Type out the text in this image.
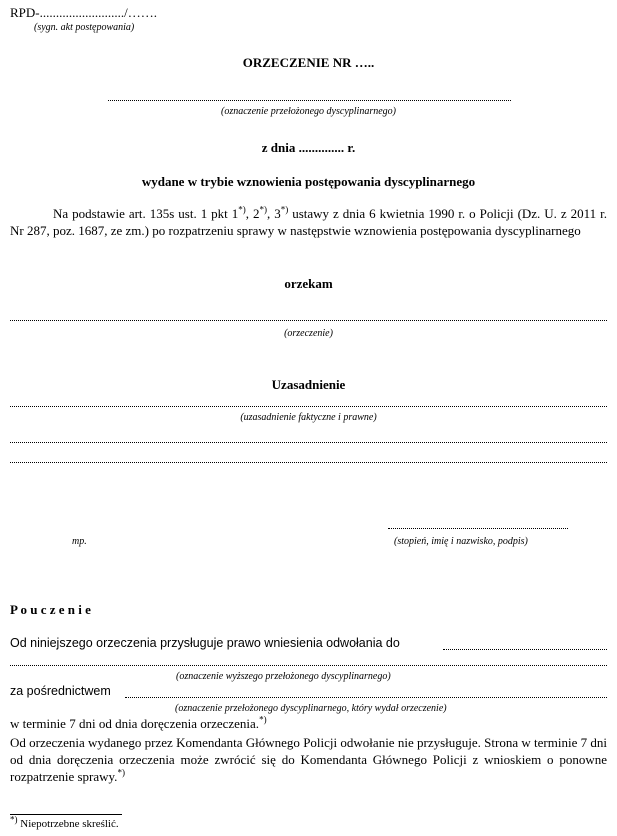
RPD-........................../…….
(sygn. akt postępowania)
ORZECZENIE NR …..
(oznaczenie przełożonego dyscyplinarnego)
z dnia .............. r.
wydane w trybie wznowienia postępowania dyscyplinarnego
Na podstawie art. 135s ust. 1 pkt 1*), 2*), 3*) ustawy z dnia 6 kwietnia 1990 r. o Policji (Dz. U. z 2011 r. Nr 287, poz. 1687, ze zm.) po rozpatrzeniu sprawy w następstwie wznowienia postępowania dyscyplinarnego
orzekam
(orzeczenie)
Uzasadnienie
(uzasadnienie faktyczne i prawne)
mp.	(stopień, imię i nazwisko, podpis)
P o u c z e n i e
Od niniejszego orzeczenia przysługuje prawo wniesienia odwołania do
(oznaczenie wyższego przełożonego dyscyplinarnego)
za pośrednictwem
(oznaczenie przełożonego dyscyplinarnego, który wydał orzeczenie)
w terminie 7 dni od dnia doręczenia orzeczenia.*)
Od orzeczenia wydanego przez Komendanta Głównego Policji odwołanie nie przysługuje. Strona w terminie 7 dni od dnia doręczenia orzeczenia może zwrócić się do Komendanta Głównego Policji z wnioskiem o ponowne rozpatrzenie sprawy.*)
*) Niepotrzebne skreślić.
